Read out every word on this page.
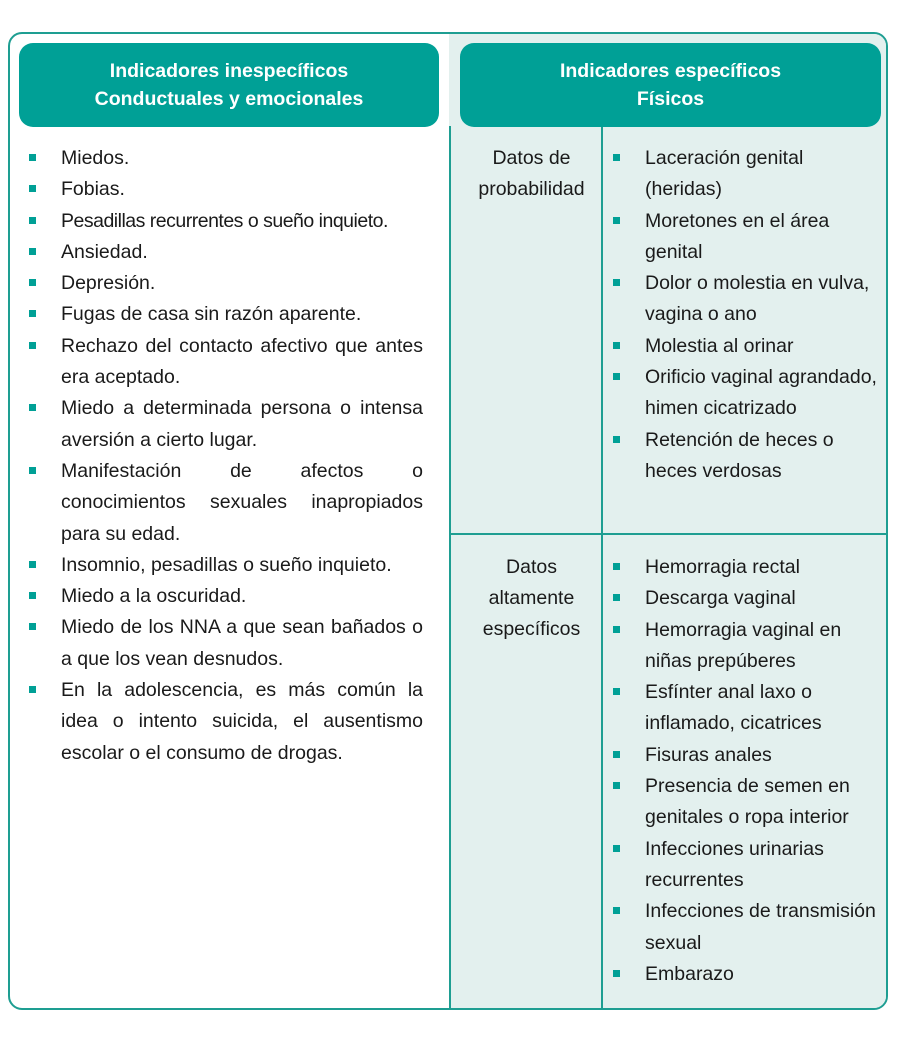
Indicadores inespecíficos
Conductuales y emocionales
Indicadores específicos
Físicos
Miedos.
Fobias.
Pesadillas recurrentes o sueño inquieto.
Ansiedad.
Depresión.
Fugas de casa sin razón aparente.
Rechazo del contacto afectivo que antes era aceptado.
Miedo a determinada persona o intensa aversión a cierto lugar.
Manifestación de afectos o conocimientos sexuales inapropiados para su edad.
Insomnio, pesadillas o sueño inquieto.
Miedo a la oscuridad.
Miedo de los NNA a que sean bañados o a que los vean desnudos.
En la adolescencia, es más común la idea o intento suicida, el ausentismo escolar o el consumo de drogas.
Datos de
probabilidad
Laceración genital (heridas)
Moretones en el área genital
Dolor o molestia en vulva, vagina o ano
Molestia al orinar
Orificio vaginal agrandado, himen cicatrizado
Retención de heces o heces verdosas
Datos
altamente
específicos
Hemorragia rectal
Descarga vaginal
Hemorragia vaginal en niñas prepúberes
Esfínter anal laxo o inflamado, cicatrices
Fisuras anales
Presencia de semen en genitales o ropa interior
Infecciones urinarias recurrentes
Infecciones de transmisión sexual
Embarazo
